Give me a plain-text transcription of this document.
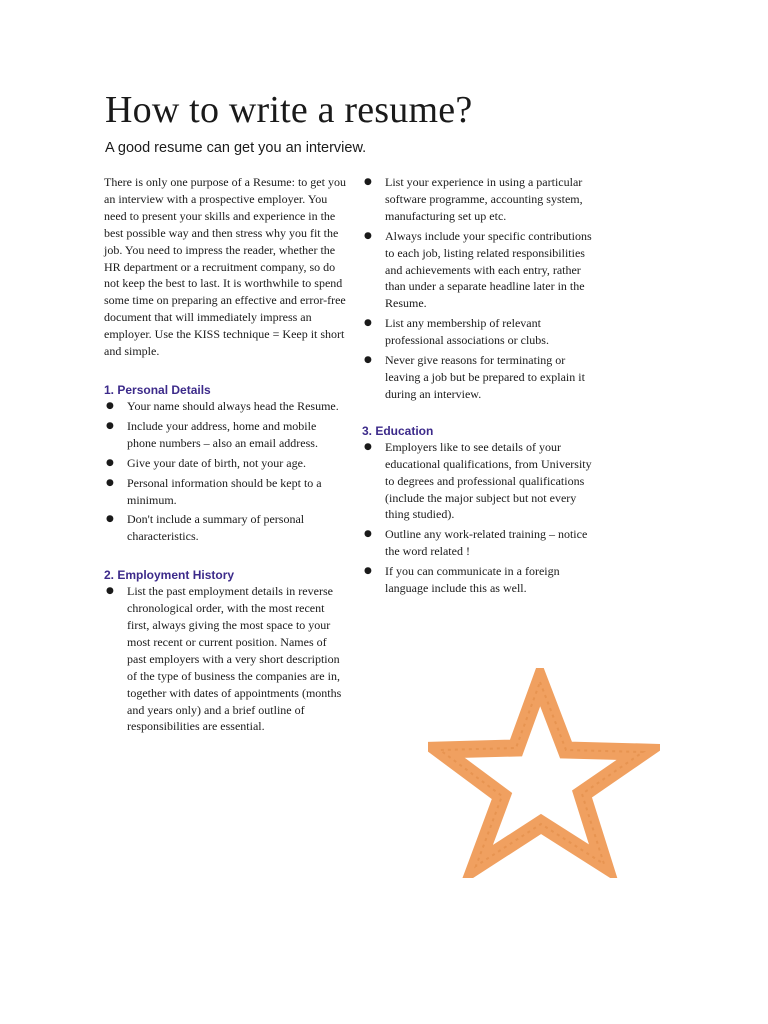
How to write a resume?
A good resume can get you an interview.

There is only one purpose of a Resume: to get you an interview with a prospective employer. You need to present your skills and experience in the best possible way and then stress why you fit the job. You need to impress the reader, whether the HR department or a recruitment company, so do not keep the best to last. It is worthwhile to spend some time on preparing an effective and error-free document that will immediately impress an employer. Use the KISS technique = Keep it short and simple.

1. Personal Details
● Your name should always head the Resume.
● Include your address, home and mobile phone numbers – also an email address.
● Give your date of birth, not your age.
● Personal information should be kept to a minimum.
● Don't include a summary of personal characteristics.
2. Employment History
● List the past employment details in reverse chronological order, with the most recent first, always giving the most space to your most recent or current position. Names of past employers with a very short description of the type of business the companies are in, together with dates of appointments (months and years only) and a brief outline of responsibilities are essential.
● List your experience in using a particular software programme, accounting system, manufacturing set up etc.
● Always include your specific contributions to each job, listing related responsibilities and achievements with each entry, rather than under a separate headline later in the Resume.
● List any membership of relevant professional associations or clubs.
● Never give reasons for terminating or leaving a job but be prepared to explain it during an interview.
3. Education
● Employers like to see details of your educational qualifications, from University to degrees and professional qualifications (include the major subject but not every thing studied).
● Outline any work-related training – notice the word related !
● If you can communicate in a foreign language include this as well.
